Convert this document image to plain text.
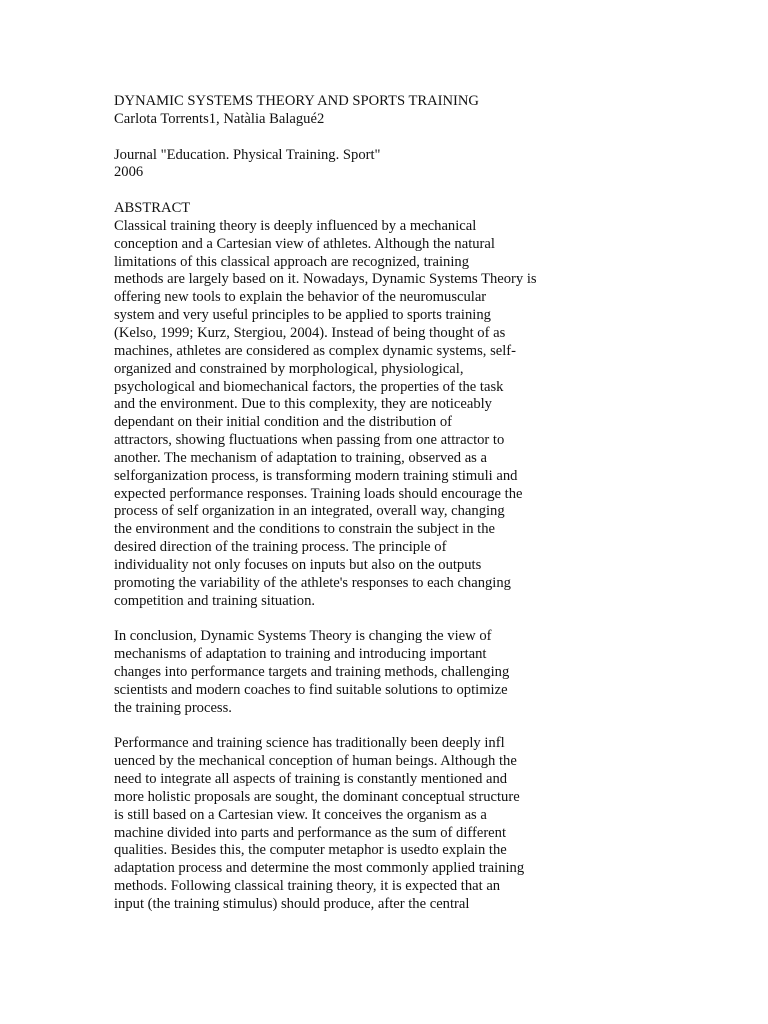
DYNAMIC SYSTEMS THEORY AND SPORTS TRAINING
Carlota Torrents1, Natàlia Balagué2
Journal "Education. Physical Training. Sport"
2006
ABSTRACT
Classical training theory is deeply influenced by a mechanical
conception and a Cartesian view of athletes. Although the natural
limitations of this classical approach are recognized, training
methods are largely based on it. Nowadays, Dynamic Systems Theory is
offering new tools to explain the behavior of the neuromuscular
system and very useful principles to be applied to sports training
(Kelso, 1999; Kurz, Stergiou, 2004). Instead of being thought of as
machines, athletes are considered as complex dynamic systems, self-
organized and constrained by morphological, physiological,
psychological and biomechanical factors, the properties of the task
and the environment. Due to this complexity, they are noticeably
dependant on their initial condition and the distribution of
attractors, showing fluctuations when passing from one attractor to
another. The mechanism of adaptation to training, observed as a
selforganization process, is transforming modern training stimuli and
expected performance responses. Training loads should encourage the
process of self organization in an integrated, overall way, changing
the environment and the conditions to constrain the subject in the
desired direction of the training process. The principle of
individuality not only focuses on inputs but also on the outputs
promoting the variability of the athlete's responses to each changing
competition and training situation.
In conclusion, Dynamic Systems Theory is changing the view of
mechanisms of adaptation to training and introducing important
changes into performance targets and training methods, challenging
scientists and modern coaches to find suitable solutions to optimize
the training process.
Performance and training science has traditionally been deeply infl
uenced by the mechanical conception of human beings. Although the
need to integrate all aspects of training is constantly mentioned and
more holistic proposals are sought, the dominant conceptual structure
is still based on a Cartesian view. It conceives the organism as a
machine divided into parts and performance as the sum of different
qualities. Besides this, the computer metaphor is usedto explain the
adaptation process and determine the most commonly applied training
methods. Following classical training theory, it is expected that an
input (the training stimulus) should produce, after the central
